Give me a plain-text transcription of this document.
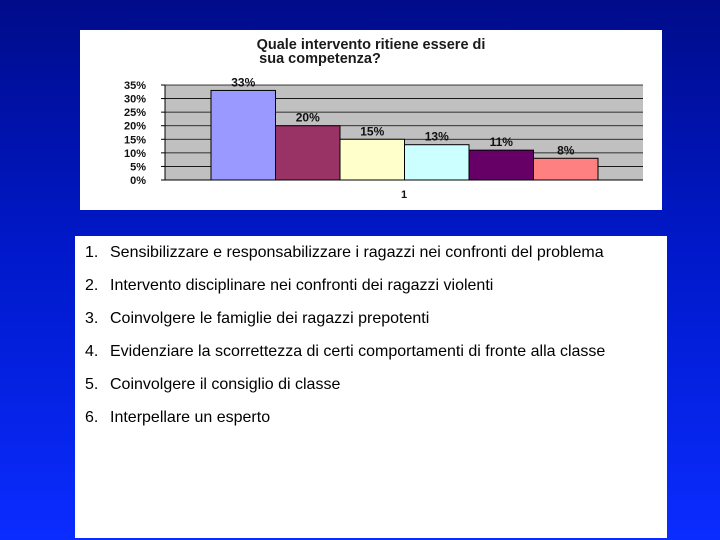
Quale intervento ritiene essere di
sua competenza?
0%
5%
10%
15%
20%
25%
30%
35%	33%
20%
15%	13%	11%
8%
1
1. Sensibilizzare e responsabilizzare i ragazzi nei confronti del problema
2. Intervento disciplinare nei confronti dei ragazzi violenti
3. Coinvolgere le famiglie dei ragazzi prepotenti
4. Evidenziare la scorrettezza di certi comportamenti di fronte alla classe
5. Coinvolgere il consiglio di classe
6. Interpellare un esperto
